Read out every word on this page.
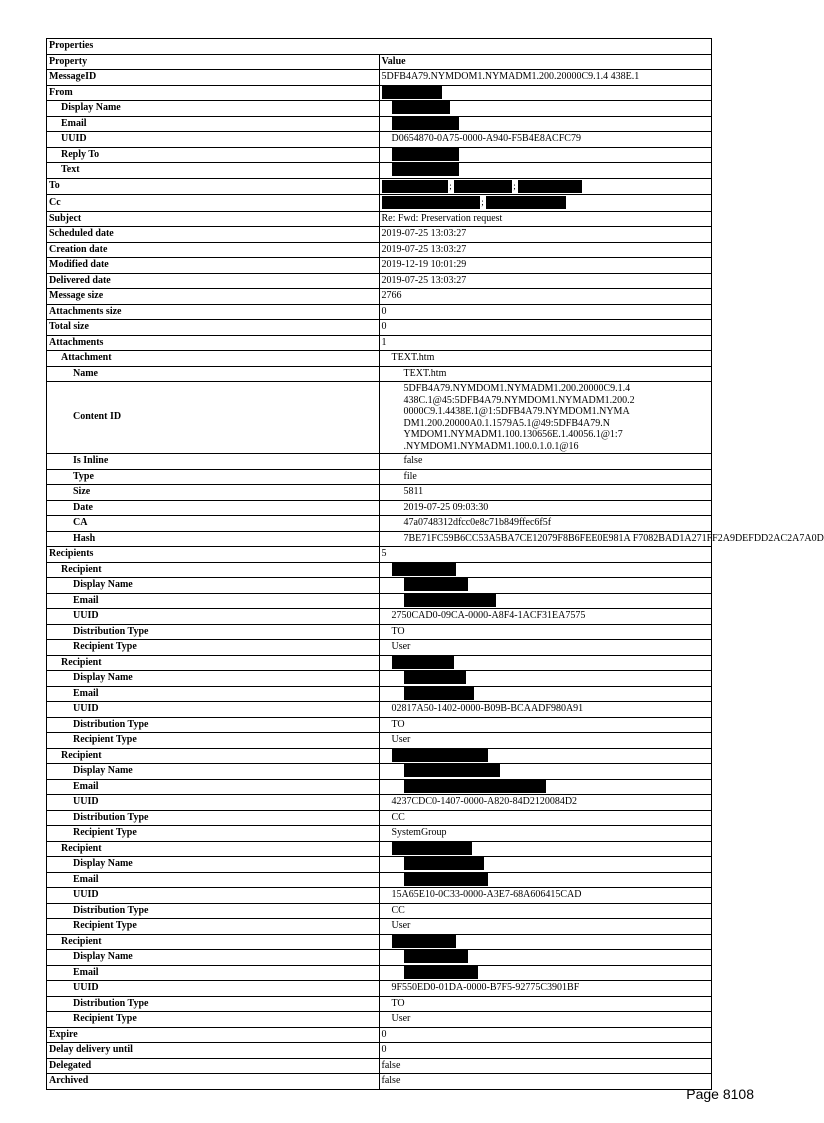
Properties	
Property	Value
MessageID	5DFB4A79.NYMDOM1.NYMADM1.200.20000C9.1.4 438E.1
From	
Display Name	
Email	
UUID	D0654870-0A75-0000-A940-F5B4E8ACFC79
Reply To	
Text	
To	; ;
Cc	;
Subject	Re: Fwd: Preservation request
Scheduled date	2019-07-25 13:03:27
Creation date	2019-07-25 13:03:27
Modified date	2019-12-19 10:01:29
Delivered date	2019-07-25 13:03:27
Message size	2766
Attachments size	0
Total size	0
Attachments	1
Attachment	TEXT.htm
Name	TEXT.htm
Content ID	5DFB4A79.NYMDOM1.NYMADM1.200.20000C9.1.4
438C.1@45:5DFB4A79.NYMDOM1.NYMADM1.200.2
0000C9.1.4438E.1@1:5DFB4A79.NYMDOM1.NYMA DM1.200.20000A0.1.1579A5.1@49:5DFB4A79.N
YMDOM1.NYMADM1.100.130656E.1.40056.1@1:7 .NYMDOM1.NYMADM1.100.0.1.0.1@16

Is Inline	false
Type	file
Size	5811
Date	2019-07-25 09:03:30
CA	47a0748312dfcc0e8c71b849ffec6f5f
Hash	7BE71FC59B6CC53A5BA7CE12079F8B6FEE0E981A F7082BAD1A271FF2A9DEFDD2AC2A7A0D
Recipients	5
Recipient	
Display Name	
Email	
UUID	2750CAD0-09CA-0000-A8F4-1ACF31EA7575
Distribution Type	TO
Recipient Type	User
Recipient	
Display Name	
Email	
UUID	02817A50-1402-0000-B09B-BCAADF980A91
Distribution Type	TO
Recipient Type	User
Recipient	
Display Name	
Email	
UUID	4237CDC0-1407-0000-A820-84D2120084D2
Distribution Type	CC
Recipient Type	SystemGroup
Recipient	
Display Name	
Email	
UUID	15A65E10-0C33-0000-A3E7-68A606415CAD
Distribution Type	CC
Recipient Type	User
Recipient	
Display Name	
Email	
UUID	9F550ED0-01DA-0000-B7F5-92775C3901BF
Distribution Type	TO
Recipient Type	User
Expire	0
Delay delivery until	0
Delegated	false
Archived	false
Page 8108
